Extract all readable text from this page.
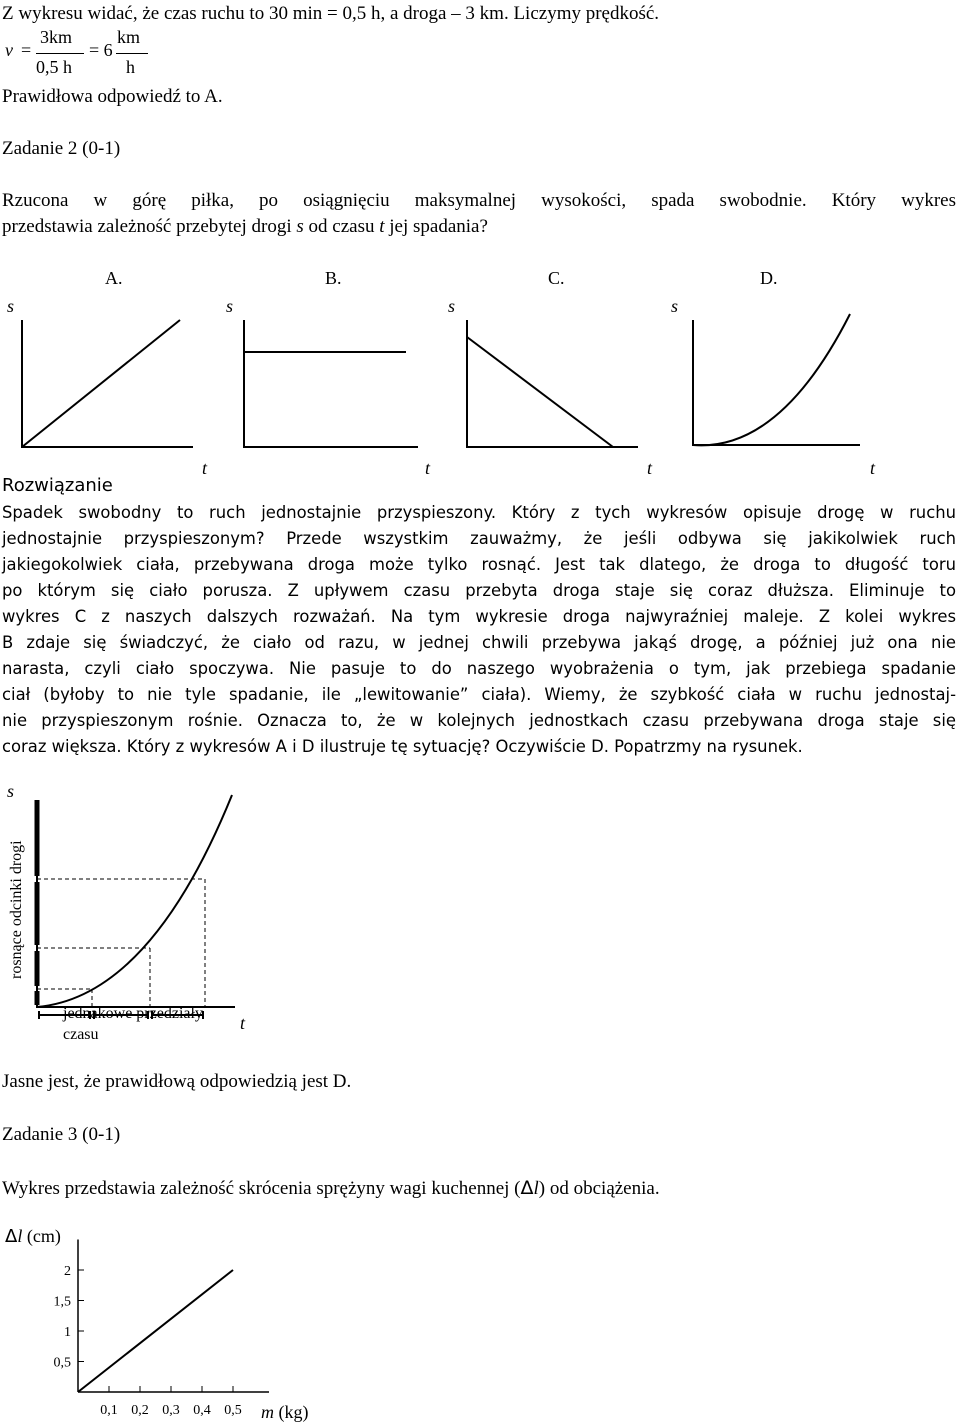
Z wykresu widać, że czas ruchu to 30 min = 0,5 h, a droga – 3 km. Liczymy prędkość.
v =
3km
0,5 h
= 6
km
h
Prawidłowa odpowiedź to A.
Zadanie 2 (0-1)
Rzucona w górę piłka, po osiągnięciu maksymalnej wysokości, spada swobodnie. Który wykres
przedstawia zależność przebytej drogi s od czasu t jej spadania?
A.	B.	C.	D.
s	s	s	s
t	t	t	t
Rozwiązanie
Spadek swobodny to ruch jednostajnie przyspieszony. Który z tych wykresów opisuje drogę w ruchu
jednostajnie przyspieszonym? Przede wszystkim zauważmy, że jeśli odbywa się jakikolwiek ruch
jakiegokolwiek ciała, przebywana droga może tylko rosnąć. Jest tak dlatego, że droga to długość toru
po którym się ciało porusza. Z upływem czasu przebyta droga staje się coraz dłuższa. Eliminuje to
wykres C z naszych dalszych rozważań. Na tym wykresie droga najwyraźniej maleje. Z kolei wykres
B zdaje się świadczyć, że ciało od razu, w jednej chwili przebywa jakąś drogę, a później już ona nie
narasta, czyli ciało spoczywa. Nie pasuje to do naszego wyobrażenia o tym, jak przebiega spadanie
ciał (byłoby to nie tyle spadanie, ile „lewitowanie” ciała). Wiemy, że szybkość ciała w ruchu jednostaj-
nie przyspieszonym rośnie. Oznacza to, że w kolejnych jednostkach czasu przebywana droga staje się
coraz większa. Który z wykresów A i D ilustruje tę sytuację? Oczywiście D. Popatrzmy na rysunek.
s
rosnące odcinki drogi
t
jednakowe przedziały
czasu
Jasne jest, że prawidłową odpowiedzią jest D.
Zadanie 3 (0-1)
Wykres przedstawia zależność skrócenia sprężyny wagi kuchennej (Δl) od obciążenia.
Δl (cm)
0,5
1
1,5
2
0,1 0,2 0,3 0,4 0,5 m (kg)
